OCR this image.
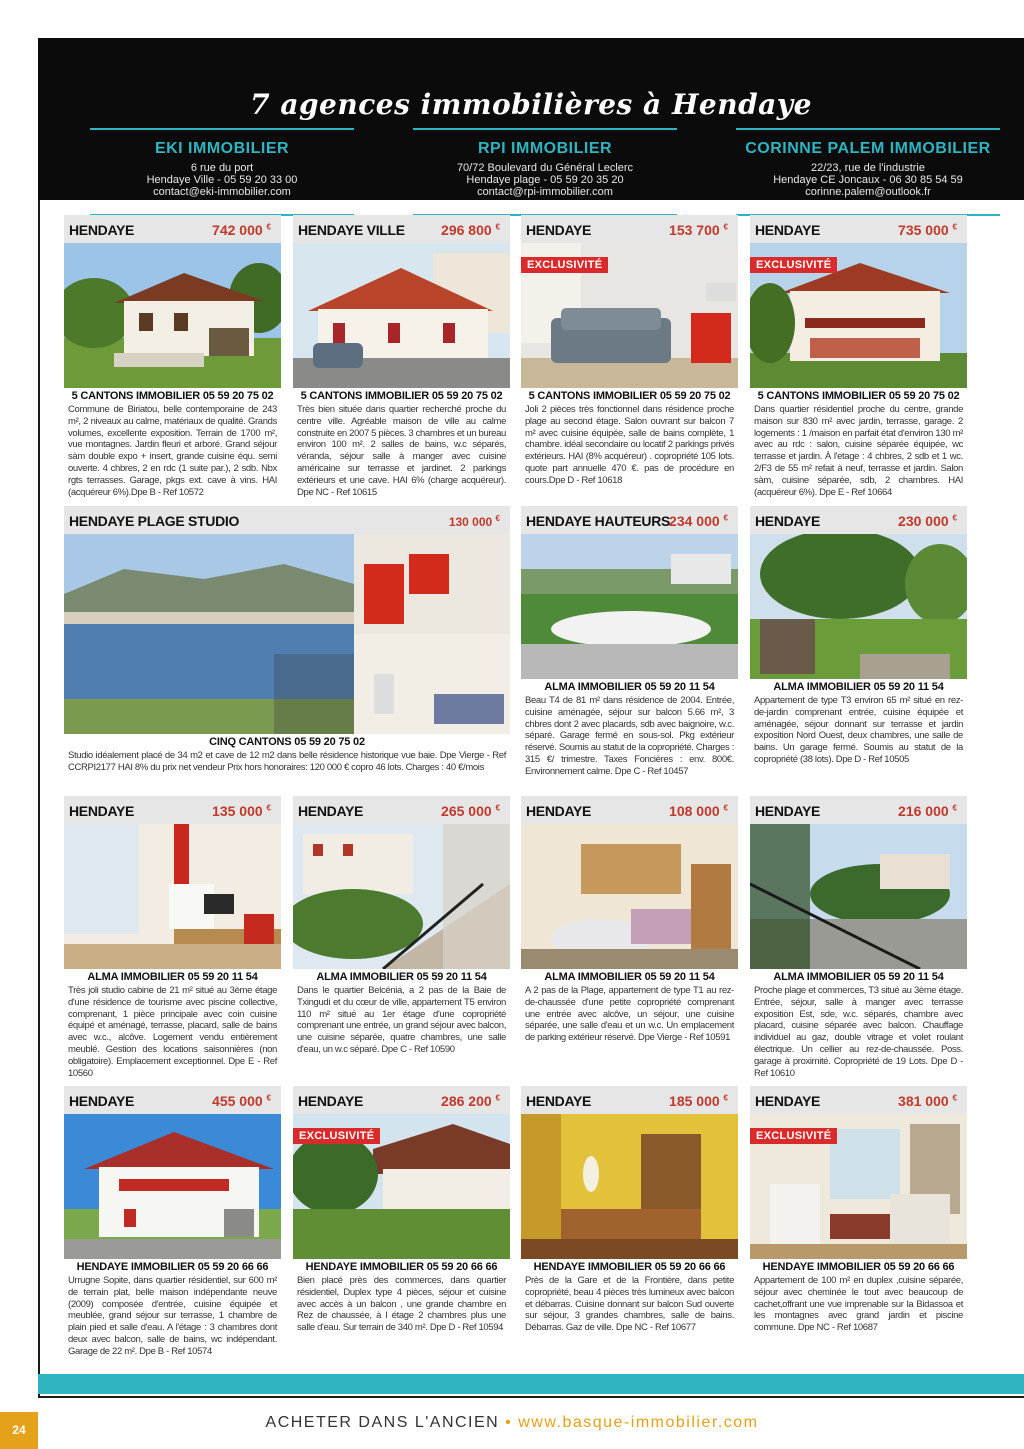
7 agences immobilières à Hendaye
EKI IMMOBILIER
6 rue du port
Hendaye Ville - 05 59 20 33 00
contact@eki-immobilier.com
RPI IMMOBILIER
70/72 Boulevard du Général Leclerc
Hendaye plage - 05 59 20 35 20
contact@rpi-immobilier.com
CORINNE PALEM IMMOBILIER
22/23, rue de l'industrie
Hendaye CE Joncaux - 06 30 85 54 59
corinne.palem@outlook.fr
HENDAYE	742 000 €
5 CANTONS IMMOBILIER 05 59 20 75 02
Commune de Biriatou, belle contemporaine de 243 m², 2 niveaux au calme, matériaux de qualité. Grands volumes, excellente exposition. Terrain de 1700 m², vue montagnes. Jardin fleuri et arboré. Grand séjour sàm double expo + insert, grande cuisine équ. semi ouverte. 4 chbres, 2 en rdc (1 suite par.), 2 sdb. Nbx rgts terrasses. Garage, pkgs ext. cave à vins. HAI (acquéreur 6%).Dpe B - Ref 10572
HENDAYE VILLE	296 800 €
5 CANTONS IMMOBILIER 05 59 20 75 02
Très bien située dans quartier recherché proche du centre ville. Agréable maison de ville au calme construite en 2007 5 pièces. 3 chambres et un bureau environ 100 m². 2 salles de bains, w.c séparés, véranda, séjour salle à manger avec cuisine américaine sur terrasse et jardinet. 2 parkings extérieurs et une cave. HAI 6% (charge acquéreur). Dpe NC - Ref 10615
HENDAYE	153 700 €
EXCLUSIVITÉ
5 CANTONS IMMOBILIER 05 59 20 75 02
Joli 2 pièces très fonctionnel dans résidence proche plage au second étage. Salon ouvrant sur balcon 7 m² avec cuisine équipée, salle de bains complète, 1 chambre. idéal secondaire ou locatif 2 parkings privés extérieurs. HAI (8% acquéreur) . copropriété 105 lots. quote part annuelle 470 €. pas de procédure en cours.Dpe D - Ref 10618
HENDAYE	735 000 €
EXCLUSIVITÉ
5 CANTONS IMMOBILIER 05 59 20 75 02
Dans quartier résidentiel proche du centre, grande maison sur 830 m² avec jardin, terrasse, garage. 2 logements : 1 /maison en parfait état d'environ 130 m² avec au rdc : salon, cuisine séparée équipée, wc terrasse et jardin. À l'etage : 4 chbres, 2 sdb et 1 wc. 2/F3 de 55 m² refait à neuf, terrasse et jardin. Salon sàm, cuisine séparée, sdb, 2 chambres. HAI (acquéreur 6%). Dpe E - Ref 10664
HENDAYE PLAGE STUDIO	130 000 €
CINQ CANTONS 05 59 20 75 02
Studio idéalement placé de 34 m2 et cave de 12 m2 dans belle résidence historique vue baie. Dpe Vierge - Ref CCRPI2177 HAI 8% du prix net vendeur Prix hors honoraires: 120 000 € copro 46 lots. Charges : 40 €/mois
HENDAYE HAUTEURS 234 000 €
ALMA IMMOBILIER 05 59 20 11 54
Beau T4 de 81 m² dans résidence de 2004. Entrée, cuisine aménagée, séjour sur balcon 5.66 m², 3 chbres dont 2 avec placards, sdb avec baignoire, w.c. séparé. Garage fermé en sous-sol. Pkg extérieur réservé. Soumis au statut de la copropriété. Charges : 315 €/ trimestre. Taxes Foncières : env. 800€. Environnement calme. Dpe C - Ref 10457
HENDAYE	230 000 €
ALMA IMMOBILIER 05 59 20 11 54
Appartement de type T3 environ 65 m² situé en rez-de-jardin comprenant entrée, cuisine équipée et aménagée, séjour donnant sur terrasse et jardin exposition Nord Ouest, deux chambres, une salle de bains. Un garage fermé. Soumis au statut de la copropriété (38 lots). Dpe D - Ref 10505
HENDAYE	135 000 €
ALMA IMMOBILIER 05 59 20 11 54
Très joli studio cabine de 21 m² situé au 3ème étage d'une résidence de tourisme avec piscine collective, comprenant, 1 pièce principale avec coin cuisine équipé et aménagé, terrasse, placard, salle de bains avec w.c., alcôve. Logement vendu entièrement meublé. Gestion des locations saisonnières (non obligatoire). Emplacement exceptionnel. Dpe E - Ref 10560
HENDAYE	265 000 €
ALMA IMMOBILIER 05 59 20 11 54
Dans le quartier Belcénia, a 2 pas de la Baie de Txingudi et du cœur de ville, appartement T5 environ 110 m² situé au 1er étage d'une copropriété comprenant une entrée, un grand séjour avec balcon, une cuisine séparée, quatre chambres, une salle d'eau, un w.c séparé. Dpe C - Ref 10590
HENDAYE	108 000 €
ALMA IMMOBILIER 05 59 20 11 54
A 2 pas de la Plage, appartement de type T1 au rez-de-chaussée d'une petite copropriété comprenant une entrée avec alcôve, un séjour, une cuisine séparée, une salle d'eau et un w.c. Un emplacement de parking extérieur réservé. Dpe Vierge - Ref 10591
HENDAYE	216 000 €
ALMA IMMOBILIER 05 59 20 11 54
Proche plage et commerces, T3 situé au 3ème étage. Entrée, séjour, salle à manger avec terrasse exposition Est, sde, w.c. séparés, chambre avec placard, cuisine séparée avec balcon. Chauffage individuel au gaz, double vitrage et volet roulant électrique. Un cellier au rez-de-chaussée. Poss. garage à proximité. Copropriété de 19 Lots. Dpe D - Ref 10610
HENDAYE	455 000 €
HENDAYE IMMOBILIER 05 59 20 66 66
Urrugne Sopite, dans quartier résidentiel, sur 600 m² de terrain plat, belle maison indépendante neuve (2009) composée d'entrée, cuisine équipée et meublée, grand séjour sur terrasse, 1 chambre de plain pied et salle d'eau. A l'étage : 3 chambres dont deux avec balcon, salle de bains, wc indépendant. Garage de 22 m². Dpe B - Ref 10574
HENDAYE	286 200 €
EXCLUSIVITÉ
HENDAYE IMMOBILIER 05 59 20 66 66
Bien placé près des commerces, dans quartier résidentiel, Duplex type 4 pièces, séjour et cuisine avec accès à un balcon , une grande chambre en Rez de chaussée, à l étage 2 chambres plus une salle d'eau. Sur terrain de 340 m². Dpe D - Ref 10594
HENDAYE	185 000 €
HENDAYE IMMOBILIER 05 59 20 66 66
Près de la Gare et de la Frontière, dans petite copropriété, beau 4 pièces très lumineux avec balcon et débarras. Cuisine donnant sur balcon Sud ouverte sur séjour, 3 grandes chambres, salle de bains. Débarras. Gaz de ville. Dpe NC - Ref 10677
HENDAYE	381 000 €
EXCLUSIVITÉ
HENDAYE IMMOBILIER 05 59 20 66 66
Appartement de 100 m² en duplex ,cuisine séparée, séjour avec cheminée le tout avec beaucoup de cachet,offrant une vue imprenable sur la Bidassoa et les montagnes avec grand jardin et piscine commune. Dpe NC - Ref 10687
24	ACHETER DANS L'ANCIEN • www.basque-immobilier.com
